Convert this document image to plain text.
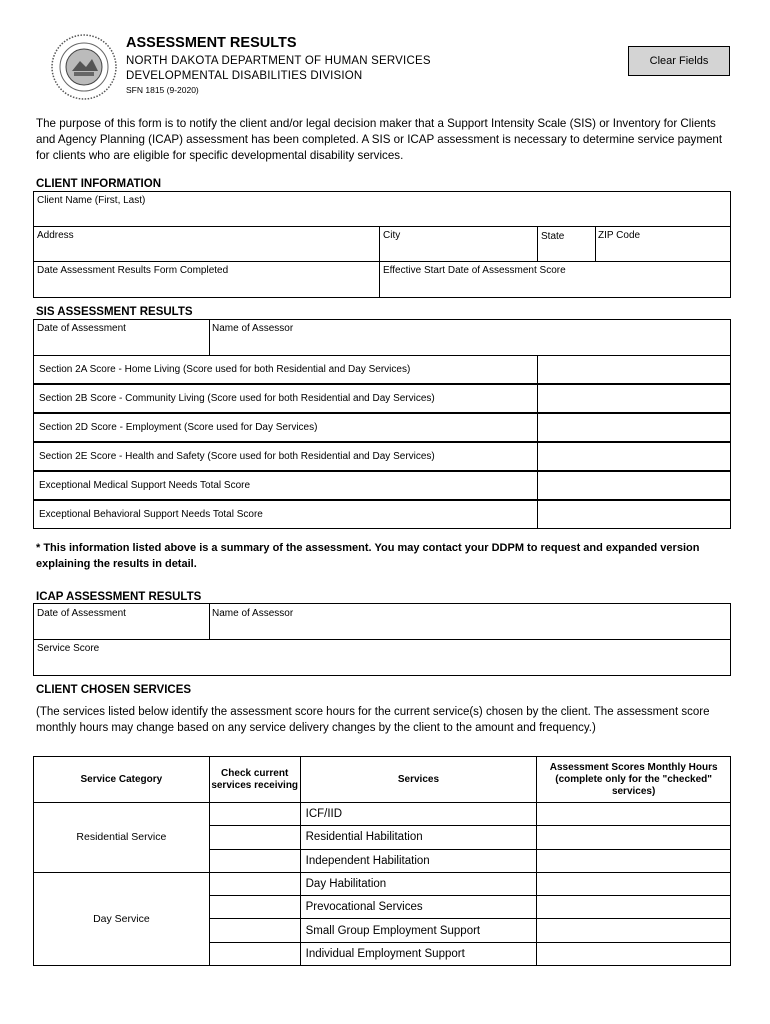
ASSESSMENT RESULTS
NORTH DAKOTA DEPARTMENT OF HUMAN SERVICES
DEVELOPMENTAL DISABILITIES DIVISION
SFN 1815 (9-2020)
Clear Fields
The purpose of this form is to notify the client and/or legal decision maker that a Support Intensity Scale (SIS) or Inventory for Clients and Agency Planning (ICAP) assessment has been completed. A SIS or ICAP assessment is necessary to determine service payment for clients who are eligible for specific developmental disability services.
CLIENT INFORMATION
Client Name (First, Last)
Address	City	State	ZIP Code
Date Assessment Results Form Completed	Effective Start Date of Assessment Score
SIS ASSESSMENT RESULTS
Date of Assessment	Name of Assessor
Section 2A Score - Home Living (Score used for both Residential and Day Services)
Section 2B Score - Community Living (Score used for both Residential and Day Services)
Section 2D Score - Employment (Score used for Day Services)
Section 2E Score - Health and Safety (Score used for both Residential and Day Services)
Exceptional Medical Support Needs Total Score
Exceptional Behavioral Support Needs Total Score
* This information listed above is a summary of the assessment. You may contact your DDPM to request and expanded version explaining the results in detail.
ICAP ASSESSMENT RESULTS
Date of Assessment	Name of Assessor
Service Score
CLIENT CHOSEN SERVICES
(The services listed below identify the assessment score hours for the current service(s) chosen by the client. The assessment score monthly hours may change based on any service delivery changes by the client to the amount and frequency.)
Service Category	Check current services receiving	Services	Assessment Scores Monthly Hours (complete only for the "checked" services)
Residential Service		ICF/IID	
		Residential Habilitation	
		Independent Habilitation	
Day Service		Day Habilitation	
		Prevocational Services	
		Small Group Employment Support	
		Individual Employment Support	
